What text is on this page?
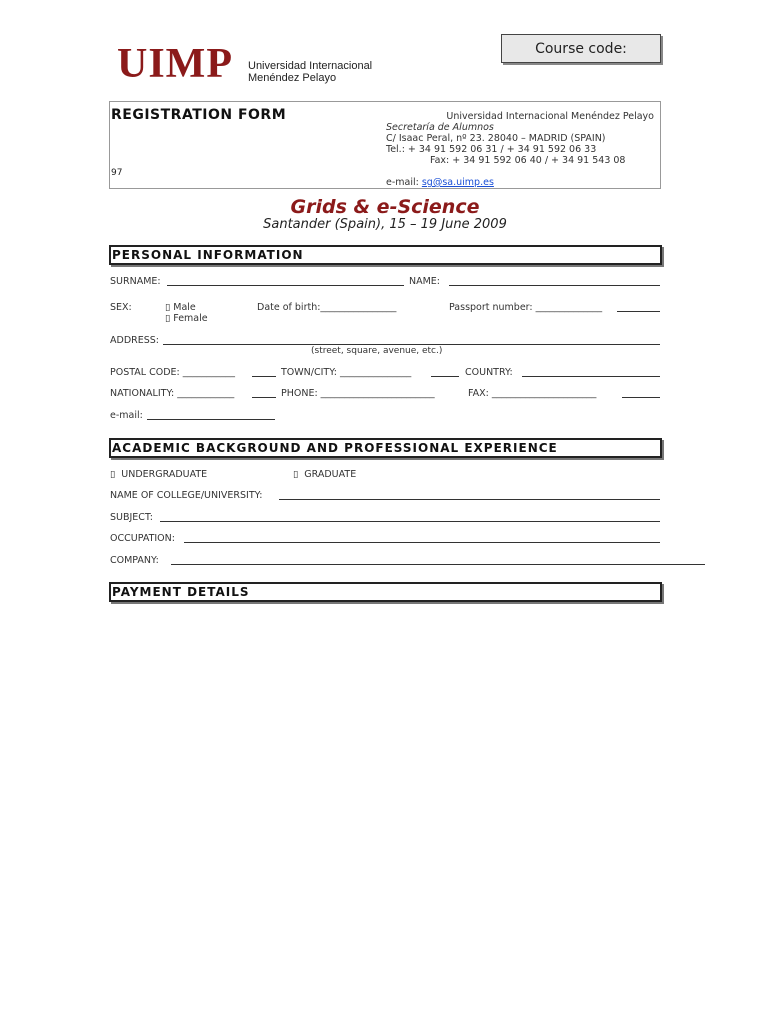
UIMP Universidad Internacional
Menéndez Pelayo
Course code:
REGISTRATION FORM
97
Universidad Internacional Menéndez Pelayo
Secretaría de Alumnos
C/ Isaac Peral, nº 23. 28040 – MADRID (SPAIN)
Tel.: + 34 91 592 06 31 / + 34 91 592 06 33
Fax: + 34 91 592 06 40 / + 34 91 543 08
e-mail: sg@sa.uimp.es
Grids & e-Science
Santander (Spain), 15 – 19 June 2009
PERSONAL INFORMATION
SURNAME:	NAME:
SEX:	▯ Male
▯ Female
Date of birth:________________	Passport number: ______________
ADDRESS:
(street, square, avenue, etc.)
POSTAL CODE: ___________	TOWN/CITY: _______________	COUNTRY:
NATIONALITY: ____________	PHONE: ________________________	FAX: ______________________
e-mail:
ACADEMIC BACKGROUND AND PROFESSIONAL EXPERIENCE
▯ UNDERGRADUATE	▯ GRADUATE
NAME OF COLLEGE/UNIVERSITY:
SUBJECT:
OCCUPATION:
COMPANY:
PAYMENT DETAILS
